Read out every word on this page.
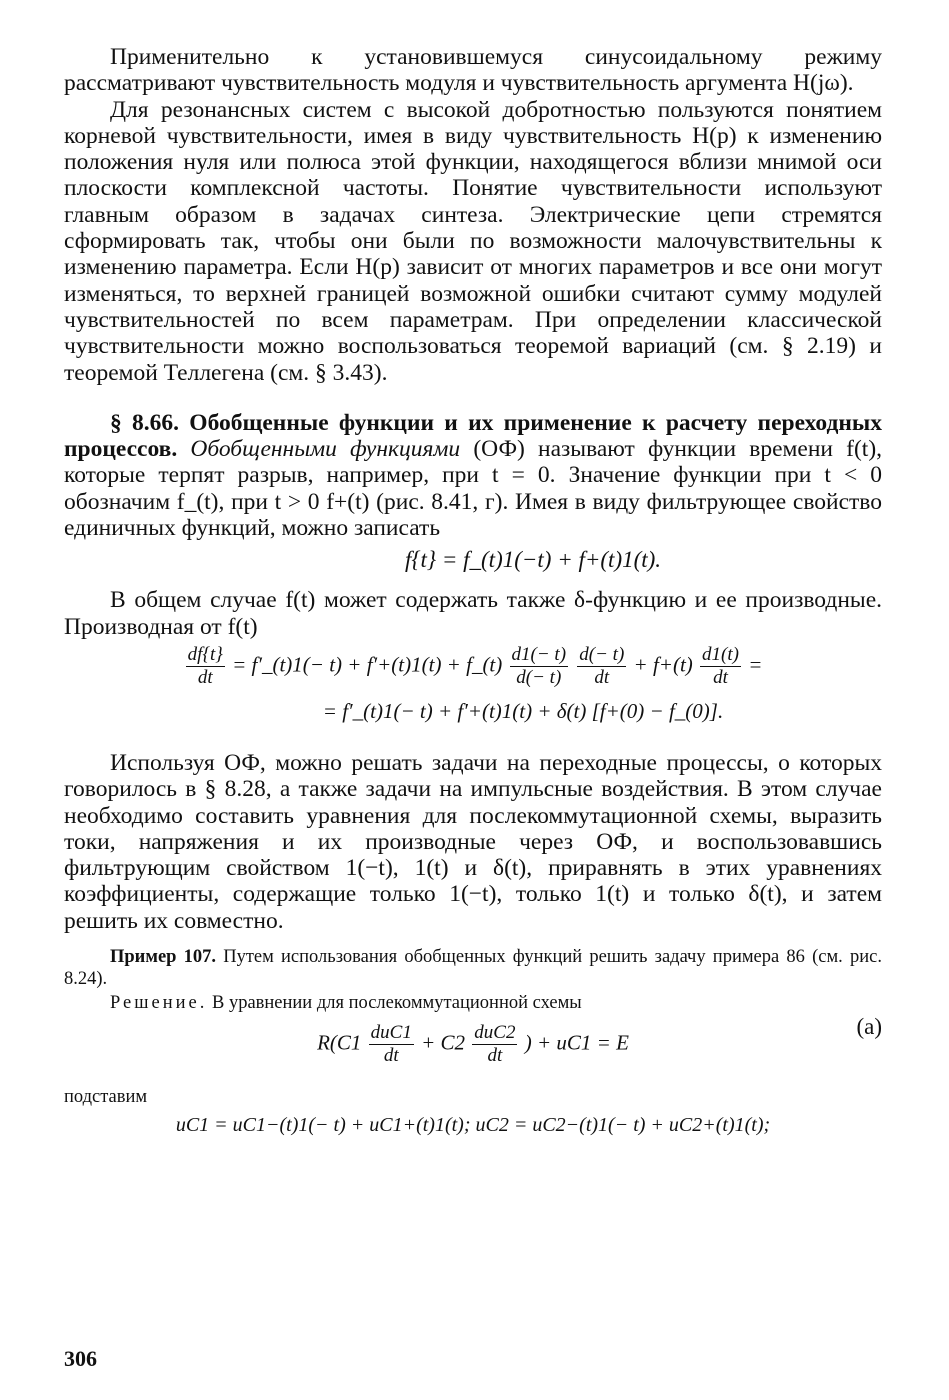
Применительно к установившемуся синусоидальному режиму рассматривают чувствительность модуля и чувствительность аргумента H(jω).

Для резонансных систем с высокой добротностью пользуются понятием корневой чувствительности, имея в виду чувствительность H(p) к изменению положения нуля или полюса этой функции, находящегося вблизи мнимой оси плоскости комплексной частоты. Понятие чувствительности используют главным образом в задачах синтеза. Электрические цепи стремятся сформировать так, чтобы они были по возможности малочувствительны к изменению параметра. Если H(p) зависит от многих параметров и все они могут изменяться, то верхней границей возможной ошибки считают сумму модулей чувствительностей по всем параметрам. При определении классической чувствительности можно воспользоваться теоремой вариаций (см. § 2.19) и теоремой Теллегена (см. § 3.43).

§ 8.66. Обобщенные функции и их применение к расчету переходных процессов. Обобщенными функциями (ОФ) называют функции времени f(t), которые терпят разрыв, например, при t = 0. Значение функции при t < 0 обозначим f_(t), при t > 0 f+(t) (рис. 8.41, г). Имея в виду фильтрующее свойство единичных функций, можно записать

f{t} = f_(t)1(−t) + f+(t)1(t).

В общем случае f(t) может содержать также δ-функцию и ее производные. Производная от f(t)

$\frac{df\{t\}}{dt}$ = f′_(t)1(− t) + f′+(t)1(t) + f_(t) $\frac{d1(- t)}{d(- t)}$
$\frac{d(- t)}{dt} + f+(t) \frac{d1(t)}{dt}$ =
= f′_(t)1(− t) + f′+(t)1(t) + δ(t) [f+(0) − f_(0)].

Используя ОФ, можно решать задачи на переходные процессы, о которых говорилось в § 8.28, а также задачи на импульсные воздействия. В этом случае необходимо составить уравнения для послекоммутационной схемы, выразить токи, напряжения и их производные через ОФ, и воспользовавшись фильтрующим свойством 1(−t), 1(t) и δ(t), приравнять в этих уравнениях коэффициенты, содержащие только 1(−t), только 1(t) и только δ(t), и затем решить их совместно.

Пример 107. Путем использования обобщенных функций решить задачу примера 86 (см. рис. 8.24).

Решение. В уравнении для послекоммутационной схемы

$R(C1 \frac{\text{duC1}}{dt} + C2 \frac{\text{duC2}}{dt}$ ) + uC1 = E
(a)

подставим

uC1 = uC1−(t)1(− t) + uC1+(t)1(t); uC2 = uC2−(t)1(− t) + uC2+(t)1(t);
306
